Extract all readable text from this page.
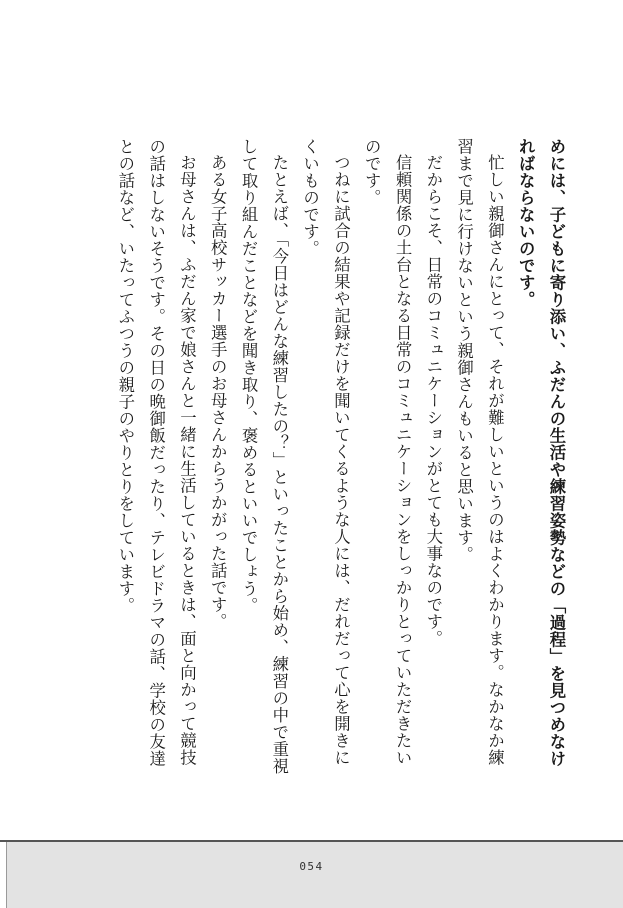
めには、子どもに寄り添い、ふだんの生活や練習姿勢などの「過程」を見つめなければならないのです。

忙しい親御さんにとって、それが難しいというのはよくわかります。なかなか練習まで見に行けないという親御さんもいると思います。

だからこそ、日常のコミュニケーションがとても大事なのです。

信頼関係の土台となる日常のコミュニケーションをしっかりとっていただきたいのです。

つねに試合の結果や記録だけを聞いてくるような人には、だれだって心を開きにくいものです。

たとえば、「今日はどんな練習したの？」といったことから始め、練習の中で重視して取り組んだことなどを聞き取り、褒めるといいでしょう。

ある女子高校サッカー選手のお母さんからうかがった話です。

お母さんは、ふだん家で娘さんと一緒に生活しているときは、面と向かって競技の話はしないそうです。その日の晩御飯だったり、テレビドラマの話、学校の友達との話など、いたってふつうの親子のやりとりをしています。

054
